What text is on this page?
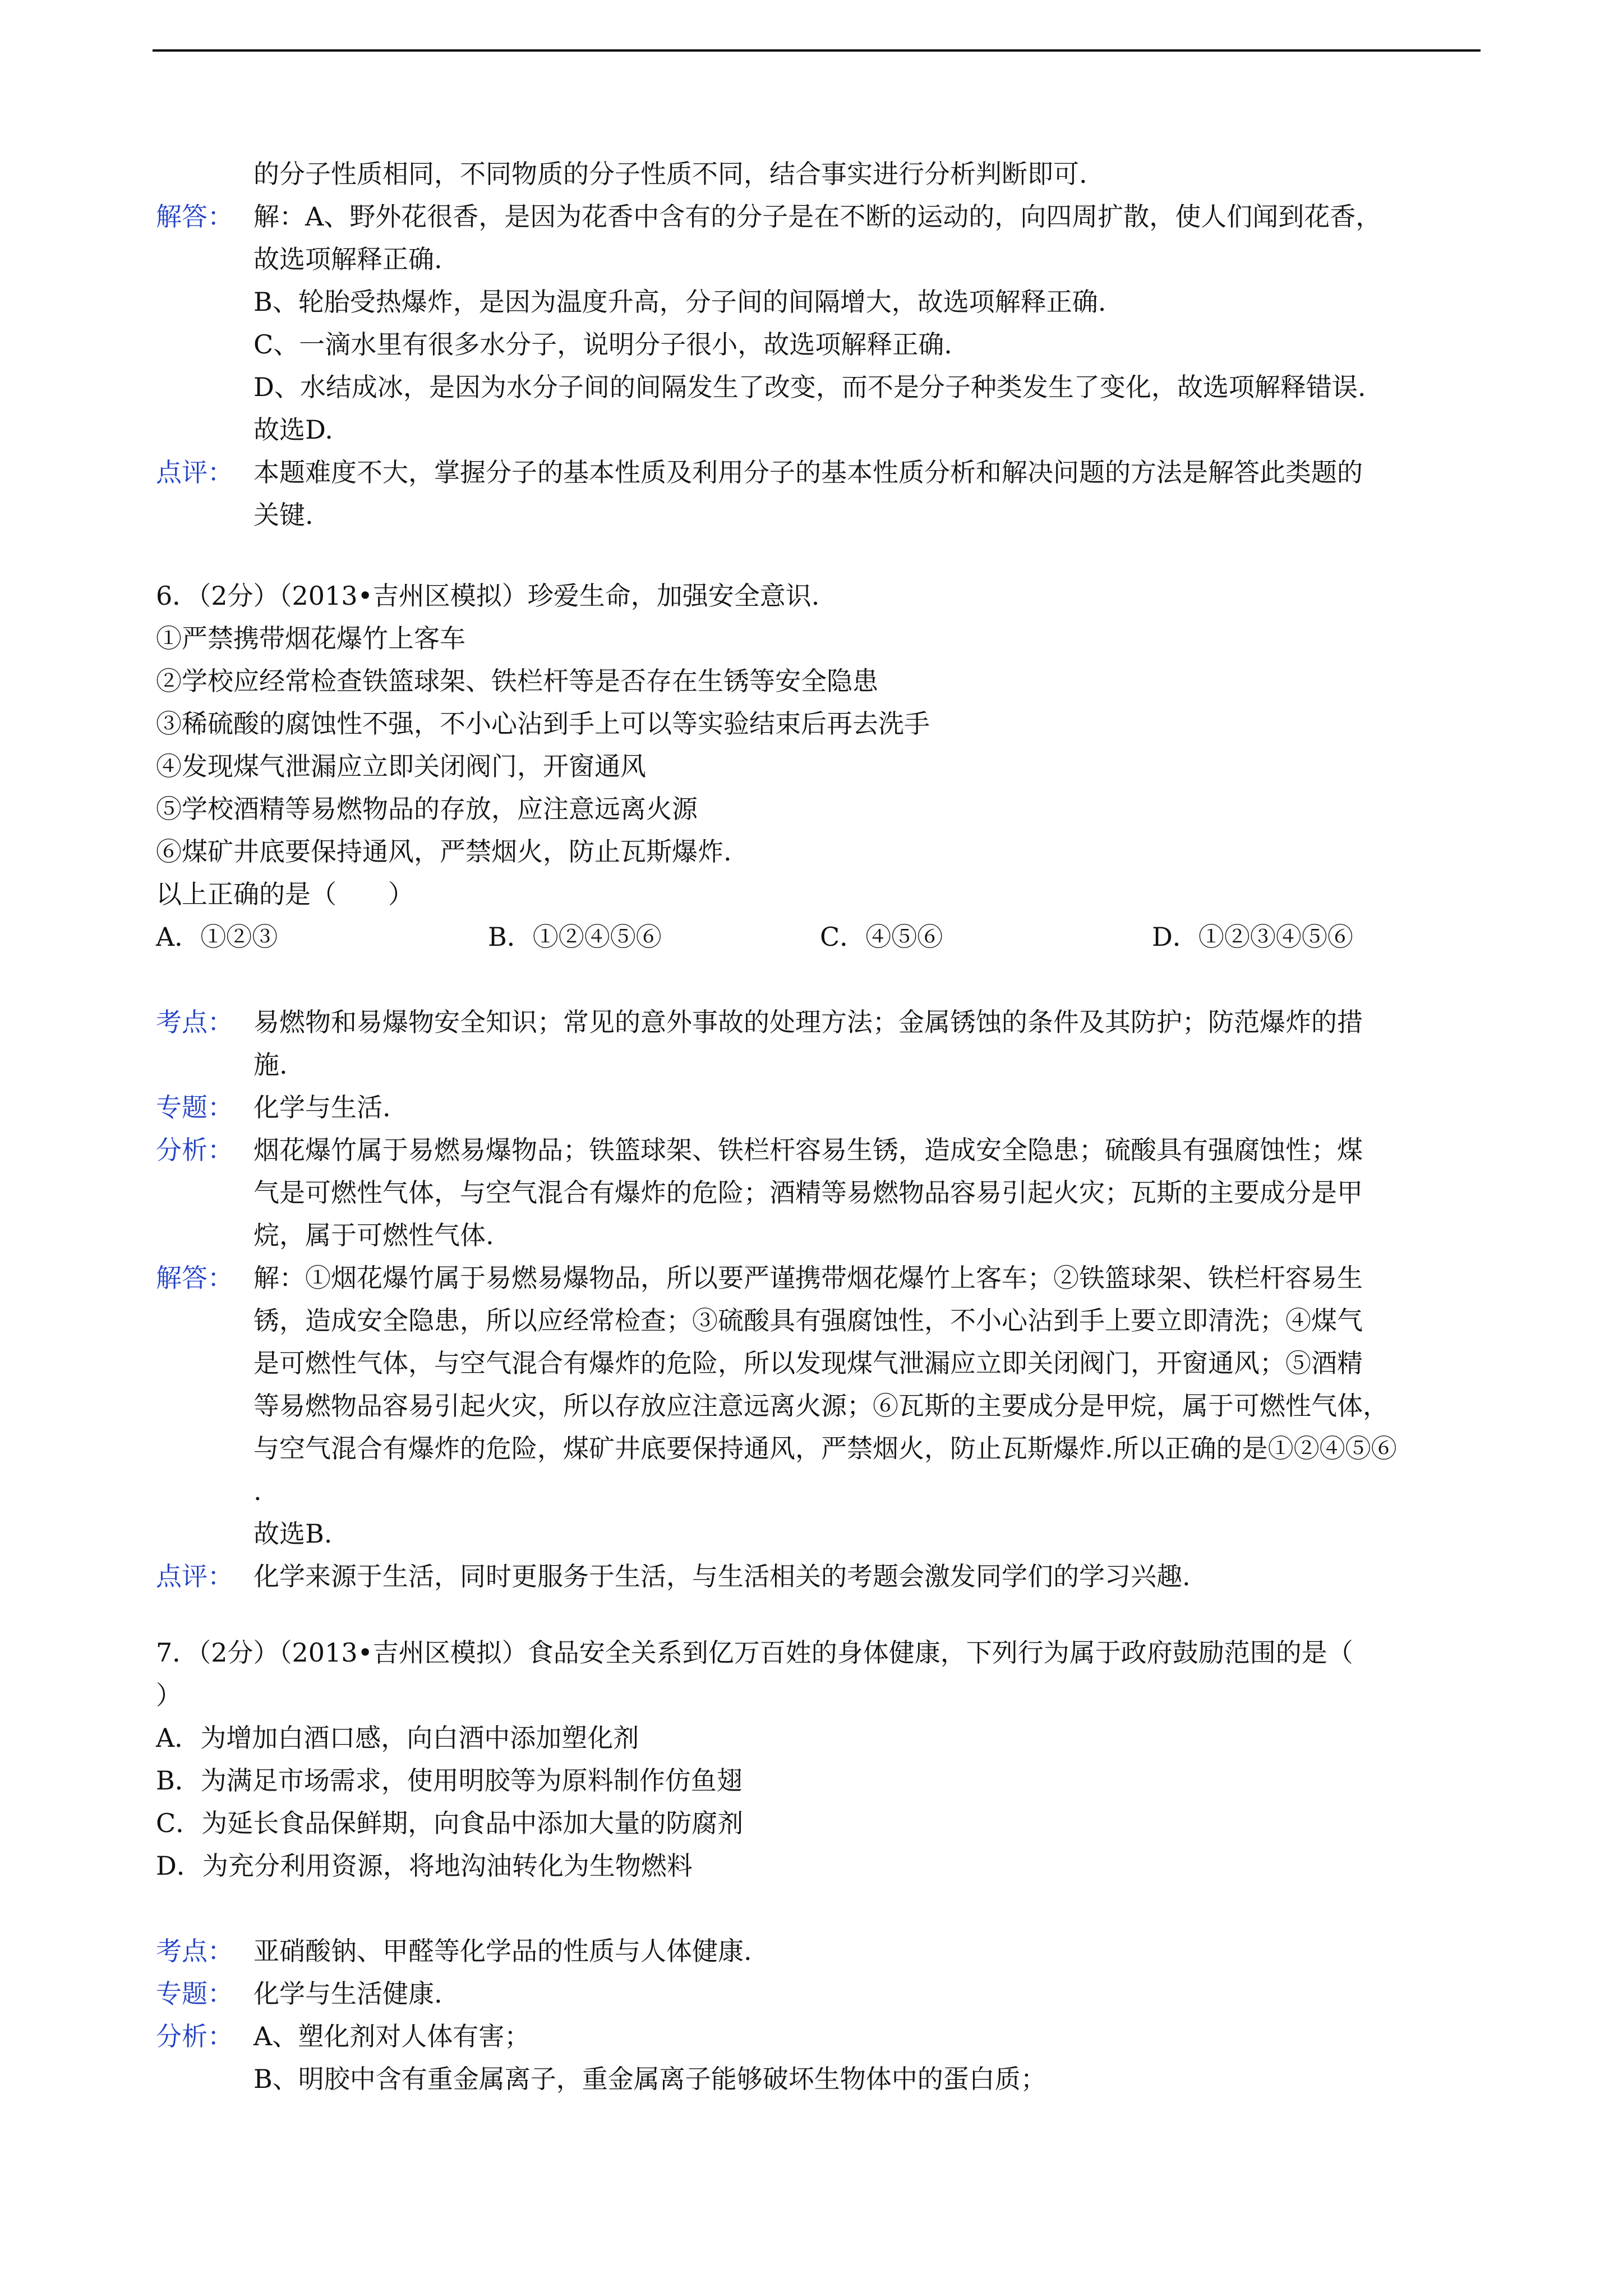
的分子性质相同，不同物质的分子性质不同，结合事实进行分析判断即可.
解答： 解：A、野外花很香，是因为花香中含有的分子是在不断的运动的，向四周扩散，使人们闻到花香，
故选项解释正确.
B、轮胎受热爆炸，是因为温度升高，分子间的间隔增大，故选项解释正确.
C、一滴水里有很多水分子，说明分子很小，故选项解释正确.
D、水结成冰，是因为水分子间的间隔发生了改变，而不是分子种类发生了变化，故选项解释错误.
故选D.
点评： 本题难度不大，掌握分子的基本性质及利用分子的基本性质分析和解决问题的方法是解答此类题的
关键.
6．（2分）（2013•吉州区模拟）珍爱生命，加强安全意识.
①严禁携带烟花爆竹上客车
②学校应经常检查铁篮球架、铁栏杆等是否存在生锈等安全隐患
③稀硫酸的腐蚀性不强，不小心沾到手上可以等实验结束后再去洗手
④发现煤气泄漏应立即关闭阀门，开窗通风
⑤学校酒精等易燃物品的存放，应注意远离火源
⑥煤矿井底要保持通风，严禁烟火，防止瓦斯爆炸.
以上正确的是（　　）
A．①②③	B．①②④⑤⑥	C．④⑤⑥	D．①②③④⑤⑥
考点： 易燃物和易爆物安全知识；常见的意外事故的处理方法；金属锈蚀的条件及其防护；防范爆炸的措
施.
专题： 化学与生活.
分析： 烟花爆竹属于易燃易爆物品；铁篮球架、铁栏杆容易生锈，造成安全隐患；硫酸具有强腐蚀性；煤
气是可燃性气体，与空气混合有爆炸的危险；酒精等易燃物品容易引起火灾；瓦斯的主要成分是甲
烷，属于可燃性气体.
解答： 解：①烟花爆竹属于易燃易爆物品，所以要严谨携带烟花爆竹上客车；②铁篮球架、铁栏杆容易生
锈，造成安全隐患，所以应经常检查；③硫酸具有强腐蚀性，不小心沾到手上要立即清洗；④煤气
是可燃性气体，与空气混合有爆炸的危险，所以发现煤气泄漏应立即关闭阀门，开窗通风；⑤酒精
等易燃物品容易引起火灾，所以存放应注意远离火源；⑥瓦斯的主要成分是甲烷，属于可燃性气体，
与空气混合有爆炸的危险，煤矿井底要保持通风，严禁烟火，防止瓦斯爆炸.所以正确的是①②④⑤⑥
.
故选B.
点评： 化学来源于生活，同时更服务于生活，与生活相关的考题会激发同学们的学习兴趣.
7．（2分）（2013•吉州区模拟）食品安全关系到亿万百姓的身体健康，下列行为属于政府鼓励范围的是（
）
A．为增加白酒口感，向白酒中添加塑化剂
B．为满足市场需求，使用明胶等为原料制作仿鱼翅
C．为延长食品保鲜期，向食品中添加大量的防腐剂
D．为充分利用资源，将地沟油转化为生物燃料
考点： 亚硝酸钠、甲醛等化学品的性质与人体健康.
专题： 化学与生活健康.
分析： A、塑化剂对人体有害；
B、明胶中含有重金属离子，重金属离子能够破坏生物体中的蛋白质；
